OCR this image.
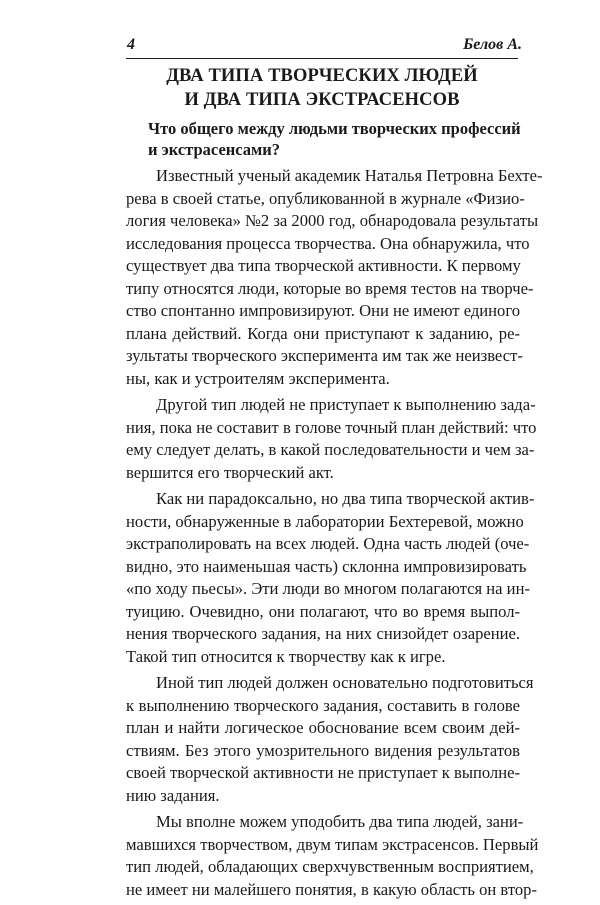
4	Белов А.
ДВА ТИПА ТВОРЧЕСКИХ ЛЮДЕЙ
И ДВА ТИПА ЭКСТРАСЕНСОВ
Что общего между людьми творческих профессий
и экстрасенсами?
Известный ученый академик Наталья Петровна Бехте-
рева в своей статье, опубликованной в журнале «Физио-
логия человека» №2 за 2000 год, обнародовала результаты
исследования процесса творчества. Она обнаружила, что
существует два типа творческой активности. К первому
типу относятся люди, которые во время тестов на творче-
ство спонтанно импровизируют. Они не имеют единого
плана действий. Когда они приступают к заданию, ре-
зультаты творческого эксперимента им так же неизвест-
ны, как и устроителям эксперимента.
Другой тип людей не приступает к выполнению зада-
ния, пока не составит в голове точный план действий: что
ему следует делать, в какой последовательности и чем за-
вершится его творческий акт.
Как ни парадоксально, но два типа творческой актив-
ности, обнаруженные в лаборатории Бехтеревой, можно
экстраполировать на всех людей. Одна часть людей (оче-
видно, это наименьшая часть) склонна импровизировать
«по ходу пьесы». Эти люди во многом полагаются на ин-
туицию. Очевидно, они полагают, что во время выпол-
нения творческого задания, на них снизойдет озарение.
Такой тип относится к творчеству как к игре.
Иной тип людей должен основательно подготовиться
к выполнению творческого задания, составить в голове
план и найти логическое обоснование всем своим дей-
ствиям. Без этого умозрительного видения результатов
своей творческой активности не приступает к выполне-
нию задания.
Мы вполне можем уподобить два типа людей, зани-
мавшихся творчеством, двум типам экстрасенсов. Первый
тип людей, обладающих сверхчувственным восприятием,
не имеет ни малейшего понятия, в какую область он втор-
